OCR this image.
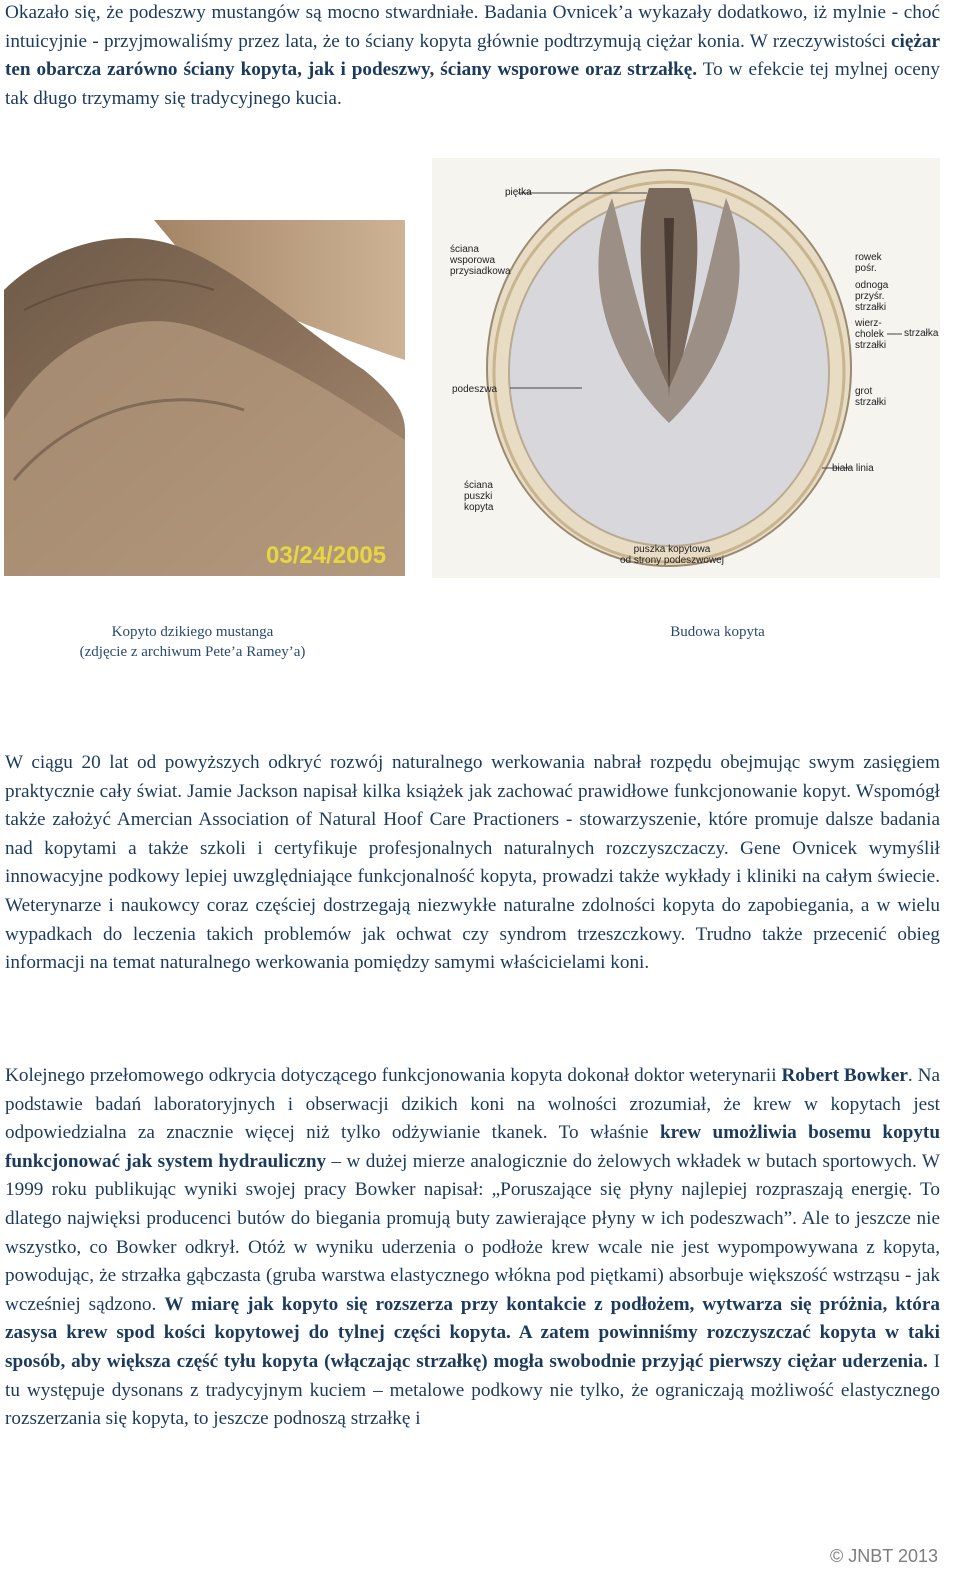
Okazało się, że podeszwy mustangów są mocno stwardniałe. Badania Ovnicek’a wykazały dodatkowo, iż mylnie - choć intuicyjnie - przyjmowaliśmy przez lata, że to ściany kopyta głównie podtrzymują ciężar konia. W rzeczywistości ciężar ten obarcza zarówno ściany kopyta, jak i podeszwy, ściany wsporowe oraz strzałkę. To w efekcie tej mylnej oceny tak długo trzymamy się tradycyjnego kucia.

03/24/2005
piętka
ściana
wsporowa
przysiadkowa
podeszwa
ściana
puszki
kopyta
puszka kopytowa
od strony podeszwowej
rowek
pośr.
odnoga
przyśr.
strzałki
wierz-
cholek
strzałki
strzałka
grot
strzałki
biała linia
Kopyto dzikiego mustanga
(zdjęcie z archiwum Pete’a Ramey’a)
Budowa kopyta

W ciągu 20 lat od powyższych odkryć rozwój naturalnego werkowania nabrał rozpędu obejmując swym zasięgiem praktycznie cały świat. Jamie Jackson napisał kilka książek jak zachować prawidłowe funkcjonowanie kopyt. Wspomógł także założyć Amercian Association of Natural Hoof Care Practioners - stowarzyszenie, które promuje dalsze badania nad kopytami a także szkoli i certyfikuje profesjonalnych naturalnych rozczyszczaczy. Gene Ovnicek wymyślił innowacyjne podkowy lepiej uwzględniające funkcjonalność kopyta, prowadzi także wykłady i kliniki na całym świecie. Weterynarze i naukowcy coraz częściej dostrzegają niezwykłe naturalne zdolności kopyta do zapobiegania, a w wielu wypadkach do leczenia takich problemów jak ochwat czy syndrom trzeszczkowy. Trudno także przecenić obieg informacji na temat naturalnego werkowania pomiędzy samymi właścicielami koni.

Kolejnego przełomowego odkrycia dotyczącego funkcjonowania kopyta dokonał doktor weterynarii Robert Bowker. Na podstawie badań laboratoryjnych i obserwacji dzikich koni na wolności zrozumiał, że krew w kopytach jest odpowiedzialna za znacznie więcej niż tylko odżywianie tkanek. To właśnie krew umożliwia bosemu kopytu funkcjonować jak system hydrauliczny – w dużej mierze analogicznie do żelowych wkładek w butach sportowych. W 1999 roku publikując wyniki swojej pracy Bowker napisał: „Poruszające się płyny najlepiej rozpraszają energię. To dlatego najwięksi producenci butów do biegania promują buty zawierające płyny w ich podeszwach”. Ale to jeszcze nie wszystko, co Bowker odkrył. Otóż w wyniku uderzenia o podłoże krew wcale nie jest wypompowywana z kopyta, powodując, że strzałka gąbczasta (gruba warstwa elastycznego włókna pod piętkami) absorbuje większość wstrząsu - jak wcześniej sądzono. W miarę jak kopyto się rozszerza przy kontakcie z podłożem, wytwarza się próżnia, która zasysa krew spod kości kopytowej do tylnej części kopyta. A zatem powinniśmy rozczyszczać kopyta w taki sposób, aby większa część tyłu kopyta (włączając strzałkę) mogła swobodnie przyjąć pierwszy ciężar uderzenia. I tu występuje dysonans z tradycyjnym kuciem – metalowe podkowy nie tylko, że ograniczają możliwość elastycznego rozszerzania się kopyta, to jeszcze podnoszą strzałkę i

© JNBT 2013
